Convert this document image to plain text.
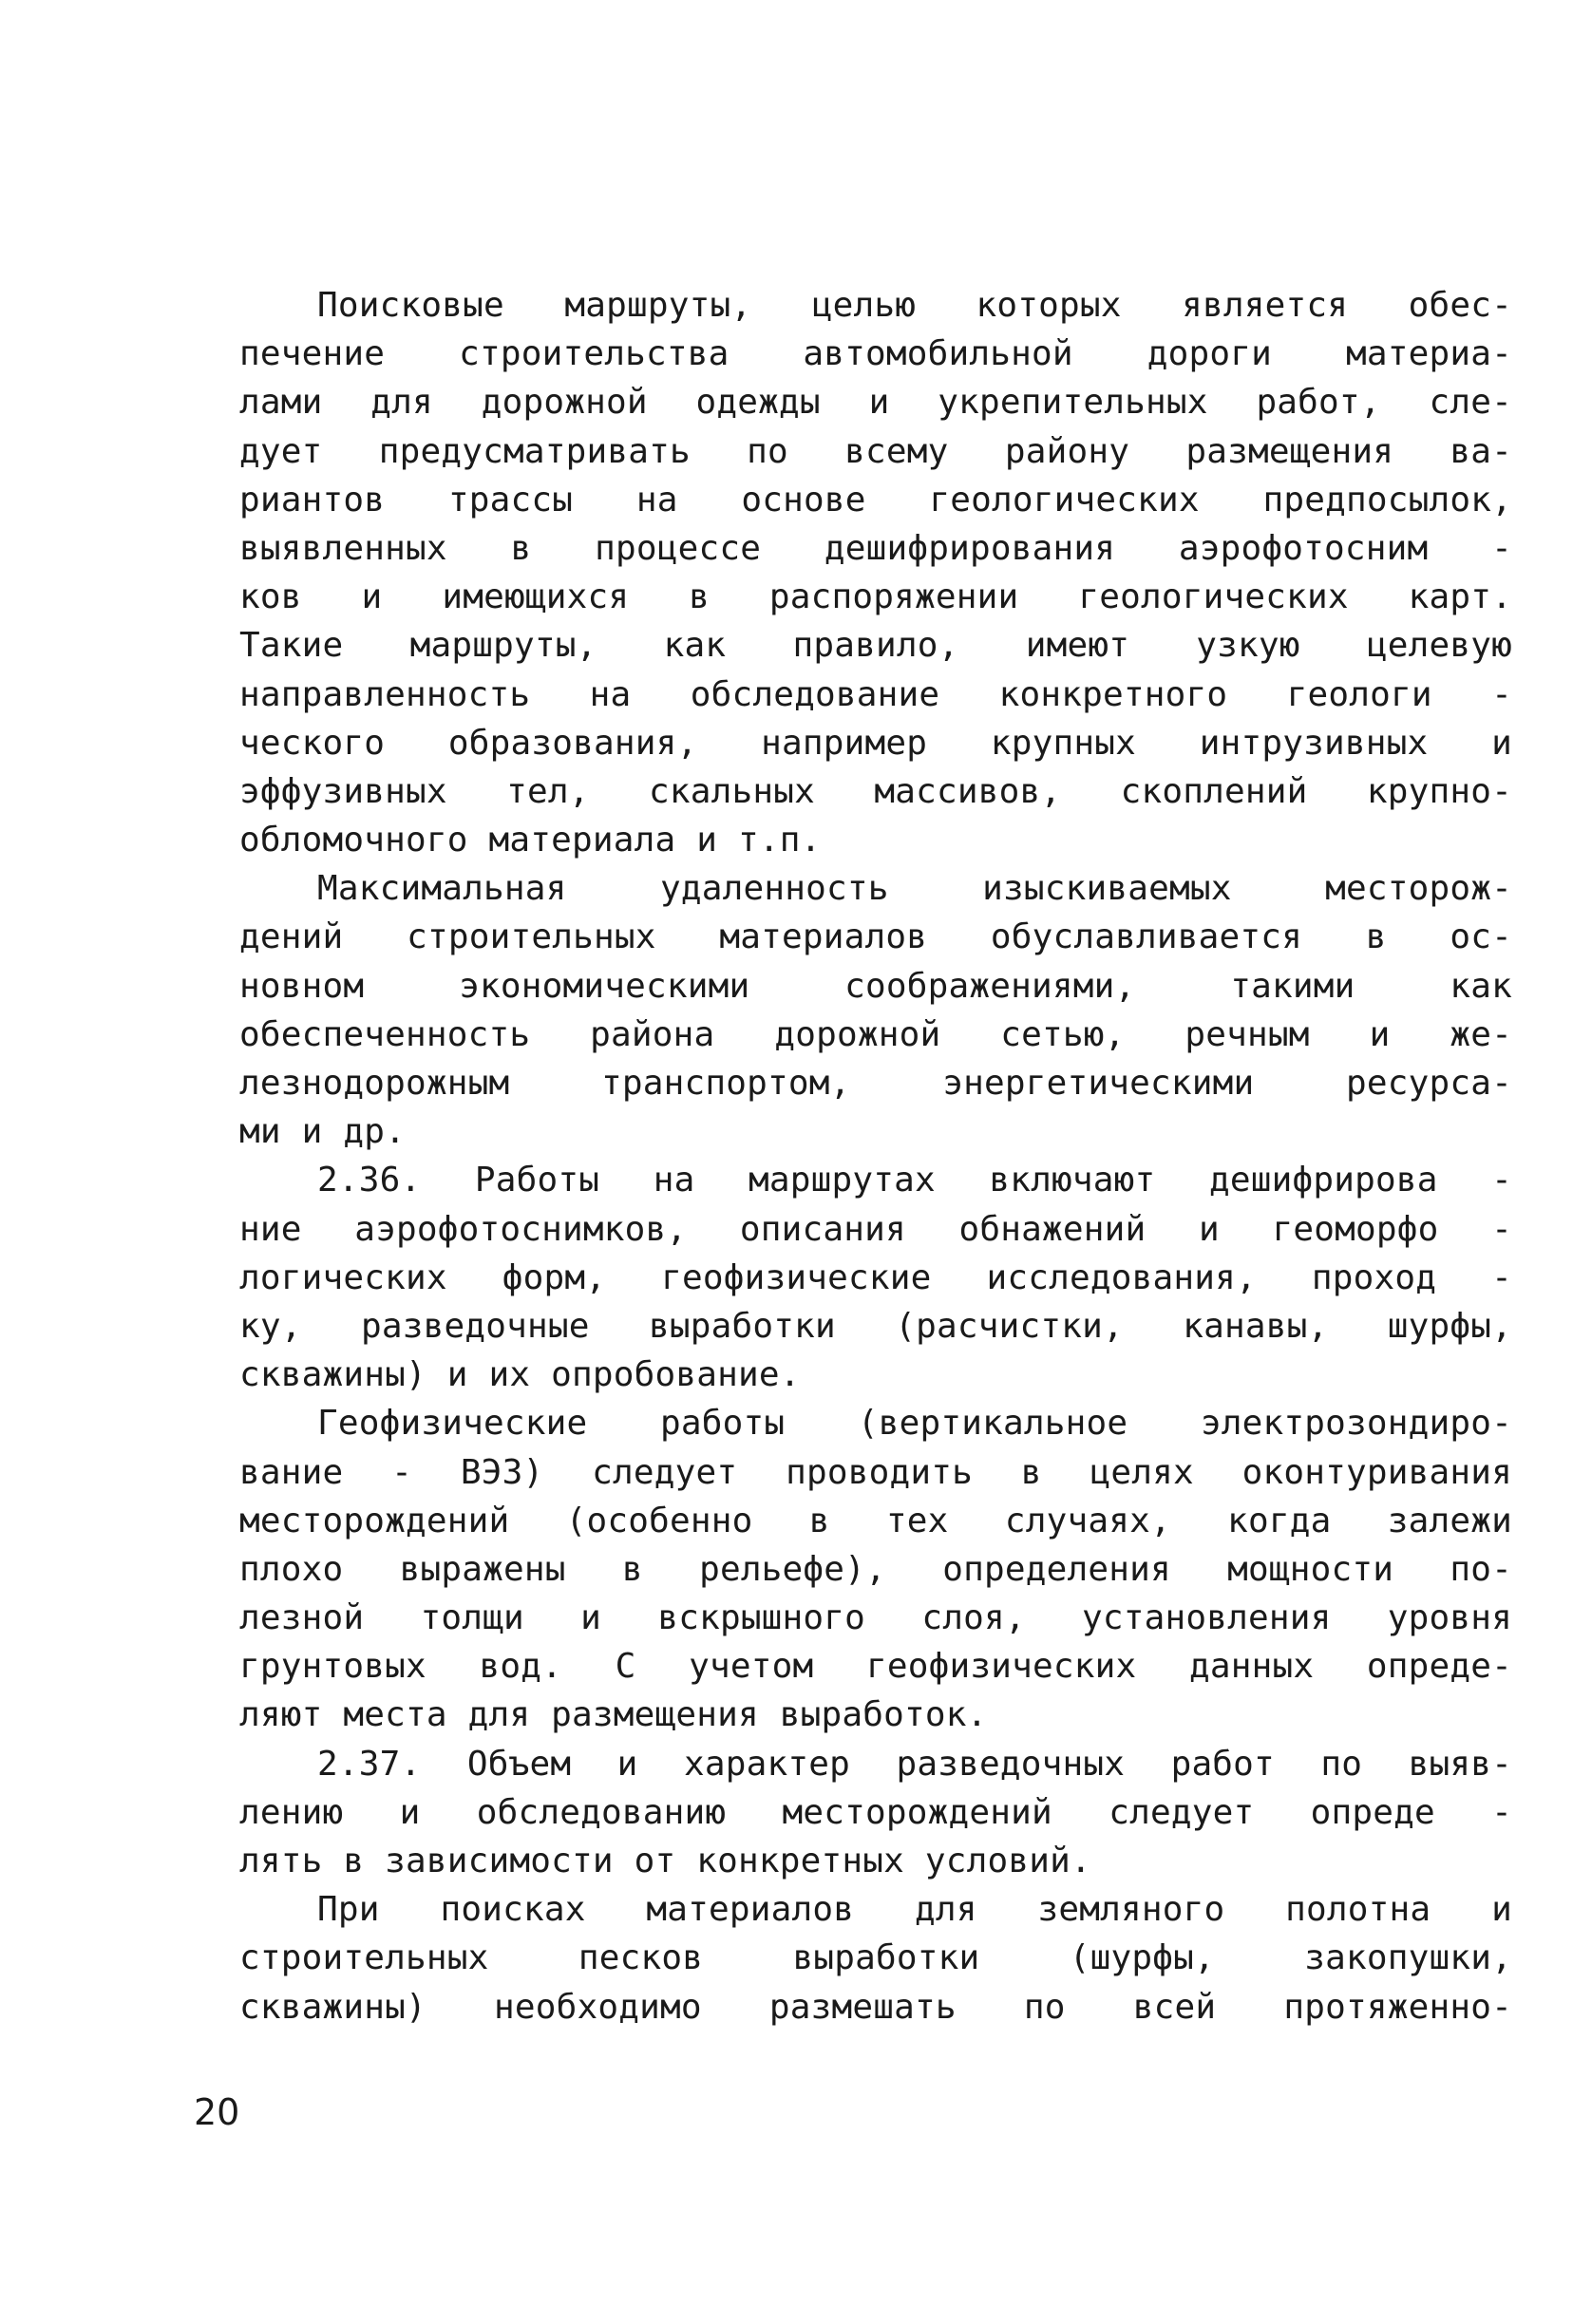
Поисковые маршруты, целью которых является обес-
печение строительства автомобильной дороги материа-
лами для дорожной одежды и укрепительных работ, сле-
дует предусматривать по всему району размещения ва-
риантов трассы на основе геологических предпосылок,
выявленных в процессе дешифрирования аэрофотосним -
ков и имеющихся в распоряжении геологических карт.
Такие маршруты, как правило, имеют узкую целевую
направленность на обследование конкретного геологи -
ческого образования, например крупных интрузивных и
эффузивных тел, скальных массивов, скоплений крупно-
обломочного материала и т.п.
Максимальная удаленность изыскиваемых месторож-
дений строительных материалов обуславливается в ос-
новном экономическими соображениями, такими как
обеспеченность района дорожной сетью, речным и же-
лезнодорожным транспортом, энергетическими ресурса-
ми и др.
2.36. Работы на маршрутах включают дешифрирова -
ние аэрофотоснимков, описания обнажений и геоморфо -
логических форм, геофизические исследования, проход -
ку, разведочные выработки (расчистки, канавы, шурфы,
скважины) и их опробование.
Геофизические работы (вертикальное электрозондиро-
вание - ВЭЗ) следует проводить в целях оконтуривания
месторождений (особенно в тех случаях, когда залежи
плохо выражены в рельефе), определения мощности по-
лезной толщи и вскрышного слоя, установления уровня
грунтовых вод. С учетом геофизических данных опреде-
ляют места для размещения выработок.
2.37. Объем и характер разведочных работ по выяв-
лению и обследованию месторождений следует опреде -
лять в зависимости от конкретных условий.
При поисках материалов для земляного полотна и
строительных песков выработки (шурфы, закопушки,
скважины) необходимо размешать по всей протяженно-
20
